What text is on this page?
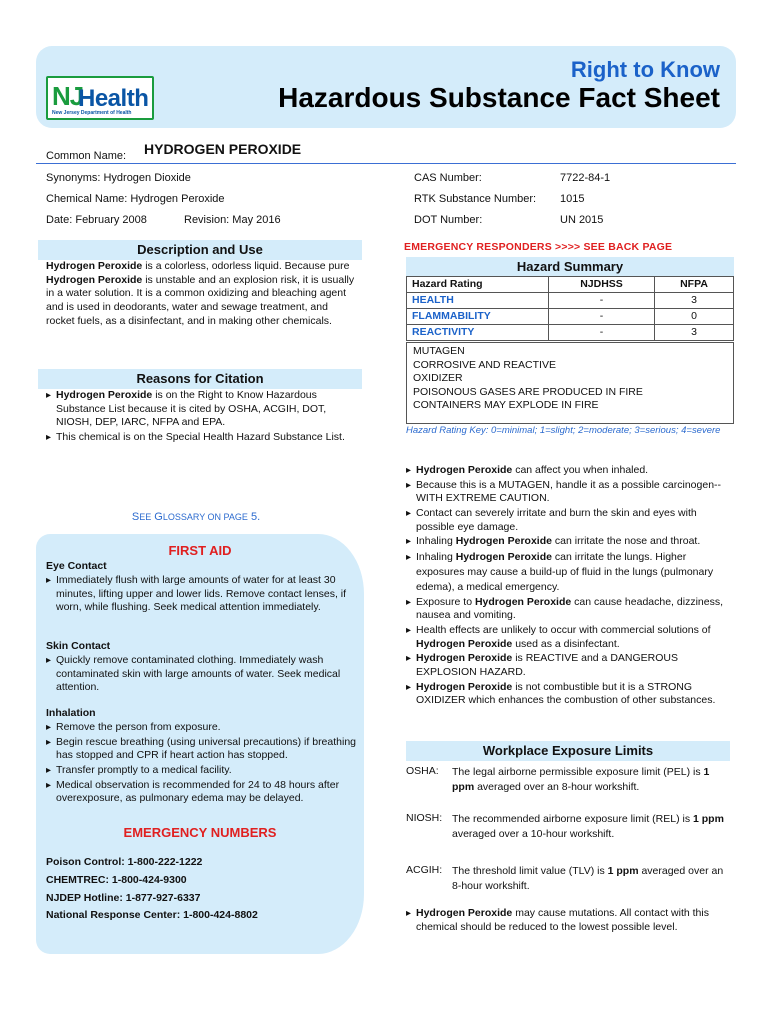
NJ
Health
New Jersey Department of Health
Right to Know
Hazardous Substance Fact Sheet
Common Name: HYDROGEN PEROXIDE
Synonyms: Hydrogen Dioxide
Chemical Name: Hydrogen Peroxide
Date: February 2008	Revision: May 2016
CAS Number:	7722-84-1
RTK Substance Number: 1015
DOT Number:	UN 2015
Description and Use
Hydrogen Peroxide is a colorless, odorless liquid. Because pure Hydrogen Peroxide is unstable and an explosion risk, it is usually in a water solution. It is a common oxidizing and bleaching agent and is used in deodorants, water and sewage treatment, and rocket fuels, as a disinfectant, and in making other chemicals.
Reasons for Citation
▸ Hydrogen Peroxide is on the Right to Know Hazardous Substance List because it is cited by OSHA, ACGIH, DOT, NIOSH, DEP, IARC, NFPA and EPA.
▸ This chemical is on the Special Health Hazard Substance List.
SEE GLOSSARY ON PAGE 5.
FIRST AID
Eye Contact
▸ Immediately flush with large amounts of water for at least 30 minutes, lifting upper and lower lids. Remove contact lenses, if worn, while flushing. Seek medical attention immediately.
Skin Contact
▸ Quickly remove contaminated clothing. Immediately wash contaminated skin with large amounts of water. Seek medical attention.
Inhalation
▸ Remove the person from exposure.
▸ Begin rescue breathing (using universal precautions) if breathing has stopped and CPR if heart action has stopped.
▸ Transfer promptly to a medical facility.
▸ Medical observation is recommended for 24 to 48 hours after overexposure, as pulmonary edema may be delayed.
EMERGENCY NUMBERS
Poison Control: 1-800-222-1222
CHEMTREC: 1-800-424-9300
NJDEP Hotline: 1-877-927-6337
National Response Center: 1-800-424-8802
EMERGENCY RESPONDERS >>>> SEE BACK PAGE
Hazard Summary
Hazard Rating	NJDHSS	NFPA
HEALTH	-	3
FLAMMABILITY	-	0
REACTIVITY	-	3
MUTAGEN
CORROSIVE AND REACTIVE
OXIDIZER
POISONOUS GASES ARE PRODUCED IN FIRE
CONTAINERS MAY EXPLODE IN FIRE
Hazard Rating Key: 0=minimal; 1=slight; 2=moderate; 3=serious; 4=severe
▸ Hydrogen Peroxide can affect you when inhaled.
▸ Because this is a MUTAGEN, handle it as a possible carcinogen--WITH EXTREME CAUTION.
▸ Contact can severely irritate and burn the skin and eyes with possible eye damage.
▸ Inhaling Hydrogen Peroxide can irritate the nose and throat.
▸ Inhaling Hydrogen Peroxide can irritate the lungs. Higher exposures may cause a build-up of fluid in the lungs (pulmonary edema), a medical emergency.
▸ Exposure to Hydrogen Peroxide can cause headache, dizziness, nausea and vomiting.
▸ Health effects are unlikely to occur with commercial solutions of Hydrogen Peroxide used as a disinfectant.
▸ Hydrogen Peroxide is REACTIVE and a DANGEROUS EXPLOSION HAZARD.
▸ Hydrogen Peroxide is not combustible but it is a STRONG OXIDIZER which enhances the combustion of other substances.
Workplace Exposure Limits
OSHA: The legal airborne permissible exposure limit (PEL) is 1 ppm averaged over an 8-hour workshift.
NIOSH: The recommended airborne exposure limit (REL) is 1 ppm averaged over a 10-hour workshift.
ACGIH: The threshold limit value (TLV) is 1 ppm averaged over an 8-hour workshift.
▸ Hydrogen Peroxide may cause mutations. All contact with this chemical should be reduced to the lowest possible level.
